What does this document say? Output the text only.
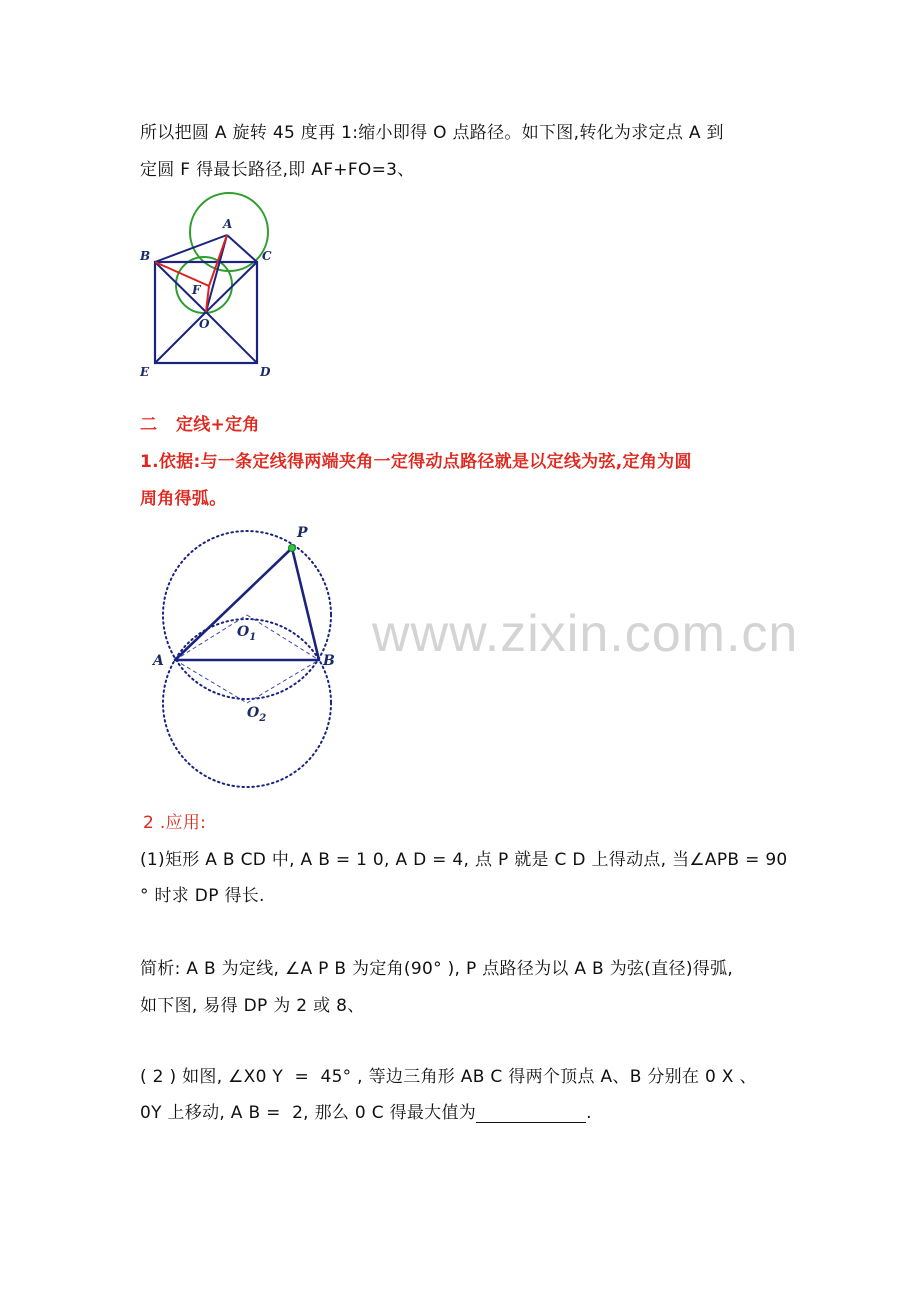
所以把圆 A 旋转 45 度再 1:缩小即得 O 点路径。如下图,转化为求定点 A 到
定圆 F 得最长路径,即 AF+FO=3、
A
B	C
F
O
E	D
二   定线+定角
1.依据:与一条定线得两端夹角一定得动点路径就是以定线为弦,定角为圆
周角得弧。
www.zixin.com.cn
P
A	B
$O_1$
$O_2$
2 .应用:
(1)矩形 A B CD 中, A B = 1 0, A D = 4, 点 P 就是 C D 上得动点, 当∠APB = 90
° 时求 DP 得长.
简析: A B 为定线, ∠A P B 为定角(90° ), P 点路径为以 A B 为弦(直径)得弧,
如下图, 易得 DP 为 2 或 8、
( 2 ) 如图, ∠X0 Y  =  45° , 等边三角形 AB C 得两个顶点 A、B 分别在 0 X 、
0Y 上移动, A B =  2, 那么 0 C 得最大值为	.
